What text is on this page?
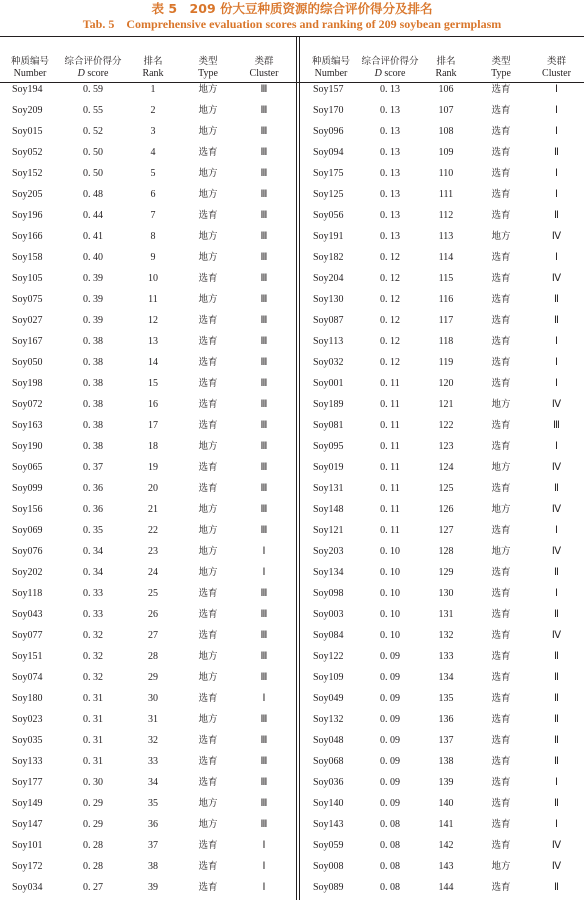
表 5　209 份大豆种质资源的综合评价得分及排名
Tab. 5　Comprehensive evaluation scores and ranking of 209 soybean germplasm
种质编号
Number	综合评价得分
D score	排名
Rank	类型
Type	类群
Cluster

Soy194	0. 59	1	地方	Ⅲ
Soy209	0. 55	2	地方	Ⅲ
Soy015	0. 52	3	地方	Ⅲ
Soy052	0. 50	4	选育	Ⅲ
Soy152	0. 50	5	地方	Ⅲ
Soy205	0. 48	6	地方	Ⅲ
Soy196	0. 44	7	选育	Ⅲ
Soy166	0. 41	8	地方	Ⅲ
Soy158	0. 40	9	地方	Ⅲ
Soy105	0. 39	10	选育	Ⅲ
Soy075	0. 39	11	地方	Ⅲ
Soy027	0. 39	12	选育	Ⅲ
Soy167	0. 38	13	选育	Ⅲ
Soy050	0. 38	14	选育	Ⅲ
Soy198	0. 38	15	选育	Ⅲ
Soy072	0. 38	16	选育	Ⅲ
Soy163	0. 38	17	选育	Ⅲ
Soy190	0. 38	18	地方	Ⅲ
Soy065	0. 37	19	选育	Ⅲ
Soy099	0. 36	20	选育	Ⅲ
Soy156	0. 36	21	地方	Ⅲ
Soy069	0. 35	22	地方	Ⅲ
Soy076	0. 34	23	地方	Ⅰ
Soy202	0. 34	24	地方	Ⅰ
Soy118	0. 33	25	选育	Ⅲ
Soy043	0. 33	26	选育	Ⅲ
Soy077	0. 32	27	选育	Ⅲ
Soy151	0. 32	28	地方	Ⅲ
Soy074	0. 32	29	地方	Ⅲ
Soy180	0. 31	30	选育	Ⅰ
Soy023	0. 31	31	地方	Ⅲ
Soy035	0. 31	32	选育	Ⅲ
Soy133	0. 31	33	选育	Ⅲ
Soy177	0. 30	34	选育	Ⅲ
Soy149	0. 29	35	地方	Ⅲ
Soy147	0. 29	36	地方	Ⅲ
Soy101	0. 28	37	选育	Ⅰ
Soy172	0. 28	38	选育	Ⅰ
Soy034	0. 27	39	选育	Ⅰ
种质编号
Number	综合评价得分
D score	排名
Rank	类型
Type	类群
Cluster

Soy157	0. 13	106	选育	Ⅰ
Soy170	0. 13	107	选育	Ⅰ
Soy096	0. 13	108	选育	Ⅰ
Soy094	0. 13	109	选育	Ⅱ
Soy175	0. 13	110	选育	Ⅰ
Soy125	0. 13	111	选育	Ⅰ
Soy056	0. 13	112	选育	Ⅱ
Soy191	0. 13	113	地方	Ⅳ
Soy182	0. 12	114	选育	Ⅰ
Soy204	0. 12	115	选育	Ⅳ
Soy130	0. 12	116	选育	Ⅱ
Soy087	0. 12	117	选育	Ⅱ
Soy113	0. 12	118	选育	Ⅰ
Soy032	0. 12	119	选育	Ⅰ
Soy001	0. 11	120	选育	Ⅰ
Soy189	0. 11	121	地方	Ⅳ
Soy081	0. 11	122	选育	Ⅲ
Soy095	0. 11	123	选育	Ⅰ
Soy019	0. 11	124	地方	Ⅳ
Soy131	0. 11	125	选育	Ⅱ
Soy148	0. 11	126	地方	Ⅳ
Soy121	0. 11	127	选育	Ⅰ
Soy203	0. 10	128	地方	Ⅳ
Soy134	0. 10	129	选育	Ⅱ
Soy098	0. 10	130	选育	Ⅰ
Soy003	0. 10	131	选育	Ⅱ
Soy084	0. 10	132	选育	Ⅳ
Soy122	0. 09	133	选育	Ⅱ
Soy109	0. 09	134	选育	Ⅱ
Soy049	0. 09	135	选育	Ⅱ
Soy132	0. 09	136	选育	Ⅱ
Soy048	0. 09	137	选育	Ⅱ
Soy068	0. 09	138	选育	Ⅱ
Soy036	0. 09	139	选育	Ⅰ
Soy140	0. 09	140	选育	Ⅱ
Soy143	0. 08	141	选育	Ⅰ
Soy059	0. 08	142	选育	Ⅳ
Soy008	0. 08	143	地方	Ⅳ
Soy089	0. 08	144	选育	Ⅱ
